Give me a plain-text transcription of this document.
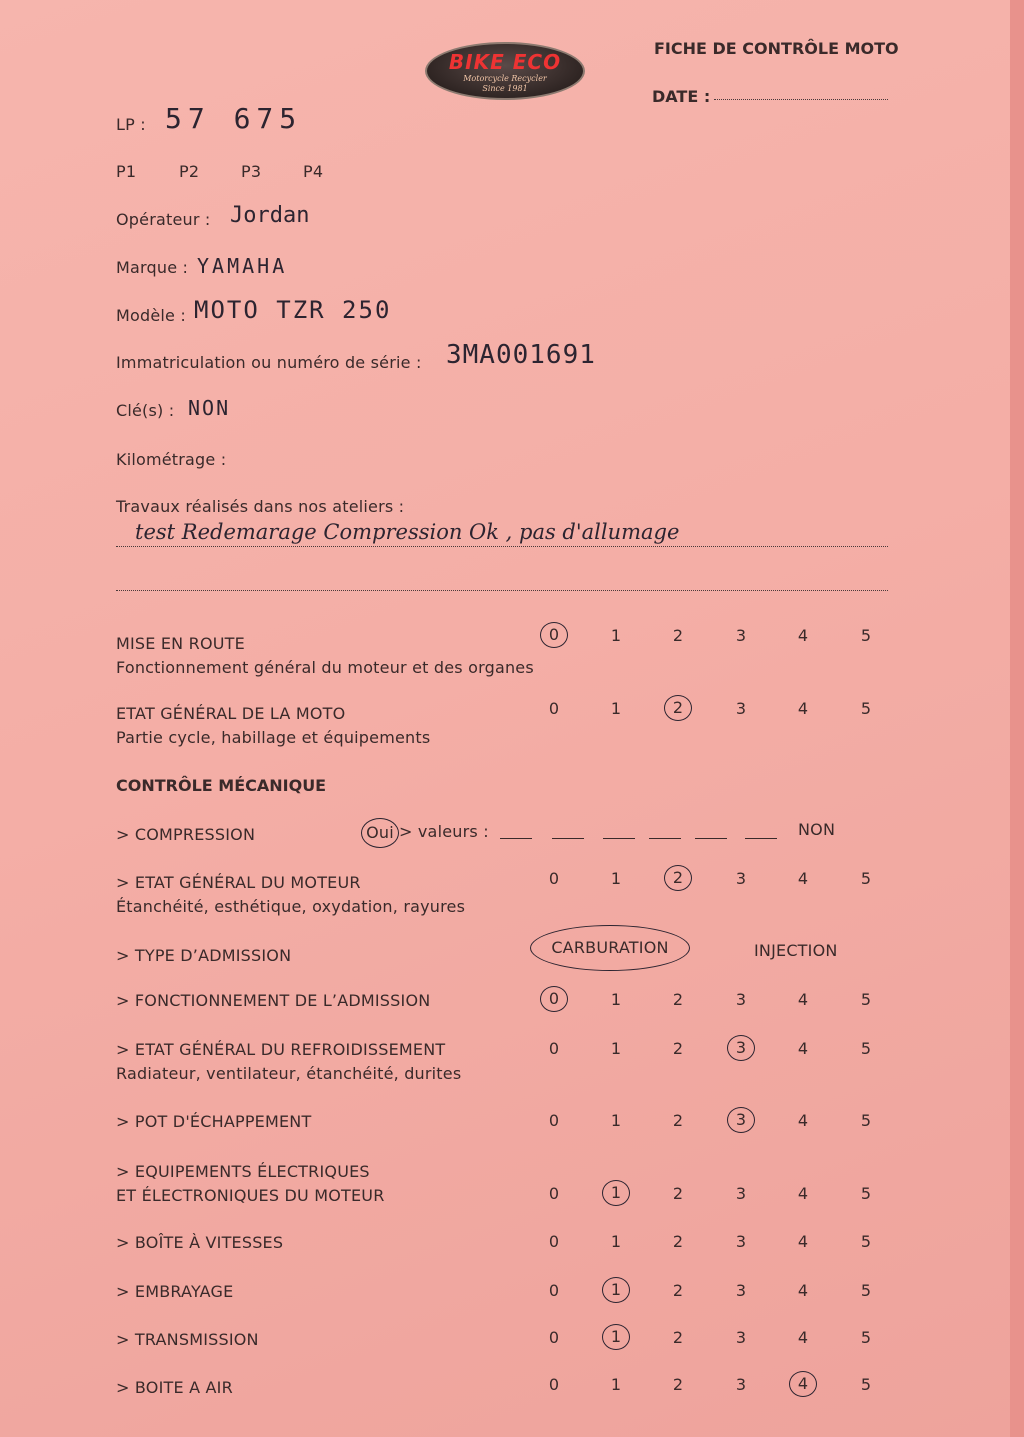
BIKE ECO
Motorcycle Recycler
Since 1981
FICHE DE CONTRÔLE MOTO
DATE :
LP : 57 675
P1	P2	P3	P4
Opérateur : Jordan
Marque : YAMAHA
Modèle : MOTO TZR 250
Immatriculation ou numéro de série : 3MA001691
Clé(s) : NON
Kilométrage :
Travaux réalisés dans nos ateliers :
test Redemarage Compression Ok , pas d'allumage
MISE EN ROUTE
Fonctionnement général du moteur et des organes
0	1	2	3	4	5
ETAT GÉNÉRAL DE LA MOTO
Partie cycle, habillage et équipements
0	1	2	3	4	5
> ETAT GÉNÉRAL DU MOTEUR
Étanchéité, esthétique, oxydation, rayures
0	1	2	3	4	5
> FONCTIONNEMENT DE L’ADMISSION	0	1	2	3	4	5
> ETAT GÉNÉRAL DU REFROIDISSEMENT
Radiateur, ventilateur, étanchéité, durites
0	1	2	3	4	5
> POT D'ÉCHAPPEMENT	0	1	2	3	4	5
> EQUIPEMENTS ÉLECTRIQUES
ET ÉLECTRONIQUES DU MOTEUR	0	1	2	3	4	5
> BOÎTE À VITESSES	0	1	2	3	4	5
> EMBRAYAGE	0	1	2	3	4	5
> TRANSMISSION	0	1	2	3	4	5
> BOITE A AIR	0	1	2	3	4	5
CONTRÔLE MÉCANIQUE
> COMPRESSION	Oui > valeurs :	NON
> TYPE D’ADMISSION	CARBURATION	INJECTION
